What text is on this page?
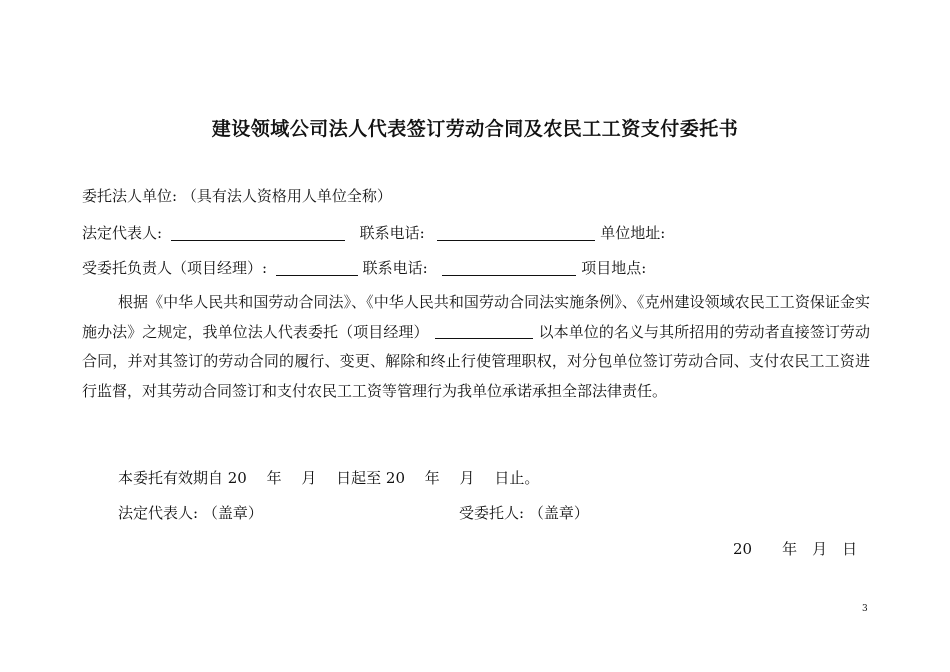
建设领域公司法人代表签订劳动合同及农民工工资支付委托书
委托法人单位: （具有法人资格用人单位全称）
法定代表人:	联系电话:	单位地址:
受委托负责人（项目经理）:	联系电话:	项目地点:
根据《中华人民共和国劳动合同法》、《中华人民共和国劳动合同法实施条例》、《克州建设领域农民工工资保证金实施办法》之规定，我单位法人代表委托（项目经理）	以本单位的名义与其所招用的劳动者直接签订劳动合同，并对其签订的劳动合同的履行、变更、解除和终止行使管理职权，对分包单位签订劳动合同、支付农民工工资进行监督，对其劳动合同签订和支付农民工工资等管理行为我单位承诺承担全部法律责任。
本委托有效期自 20　 年　 月　 日起至 20　 年　 月　 日止。
法定代表人: （盖章）	受委托人: （盖章）
20　　年　月　日
3
